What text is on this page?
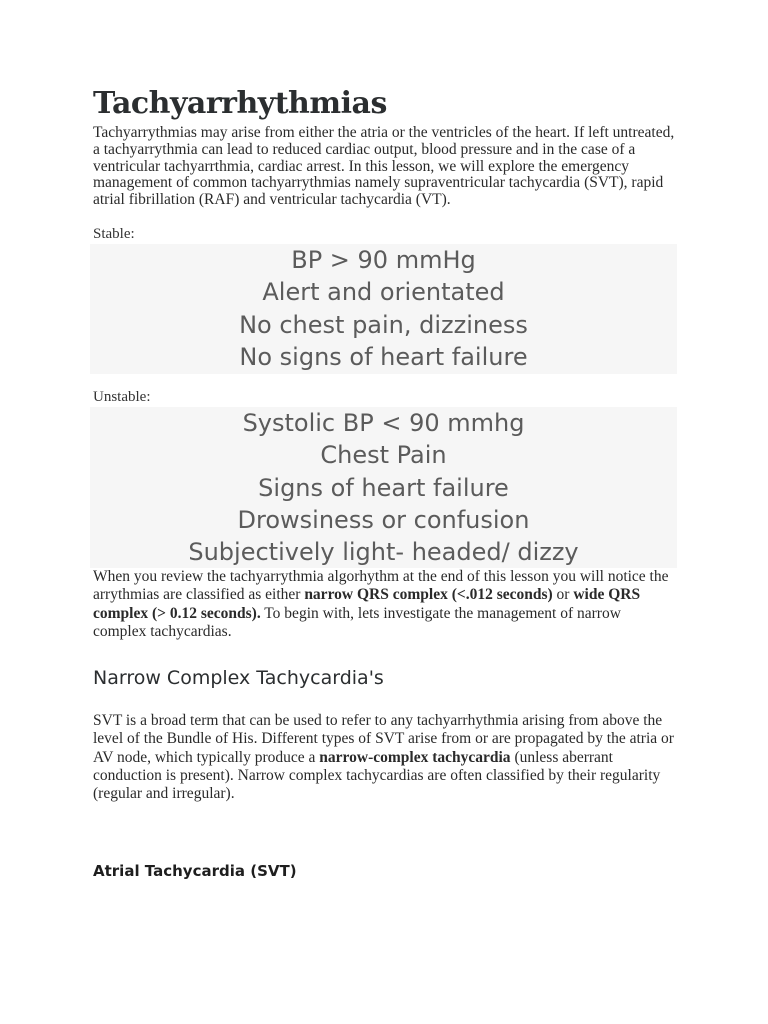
Tachyarrhythmias

Tachyarrythmias may arise from either the atria or the ventricles of the heart. If left untreated, a tachyarrythmia can lead to reduced cardiac output, blood pressure and in the case of a ventricular tachyarrthmia, cardiac arrest. In this lesson, we will explore the emergency management of common tachyarrythmias namely supraventricular tachycardia (SVT), rapid atrial fibrillation (RAF) and ventricular tachycardia (VT).

Stable:

BP > 90 mmHg
Alert and orientated
No chest pain, dizziness
No signs of heart failure

Unstable:

Systolic BP < 90 mmhg
Chest Pain
Signs of heart failure
Drowsiness or confusion
Subjectively light- headed/ dizzy

When you review the tachyarrythmia algorhythm at the end of this lesson you will notice the arrythmias are classified as either narrow QRS complex (<.012 seconds) or wide QRS complex (> 0.12 seconds). To begin with, lets investigate the management of narrow complex tachycardias.

Narrow Complex Tachycardia's

SVT is a broad term that can be used to refer to any tachyarrhythmia arising from above the level of the Bundle of His. Different types of SVT arise from or are propagated by the atria or AV node, which typically produce a narrow-complex tachycardia (unless aberrant conduction is present). Narrow complex tachycardias are often classified by their regularity (regular and irregular).

Atrial Tachycardia (SVT)
